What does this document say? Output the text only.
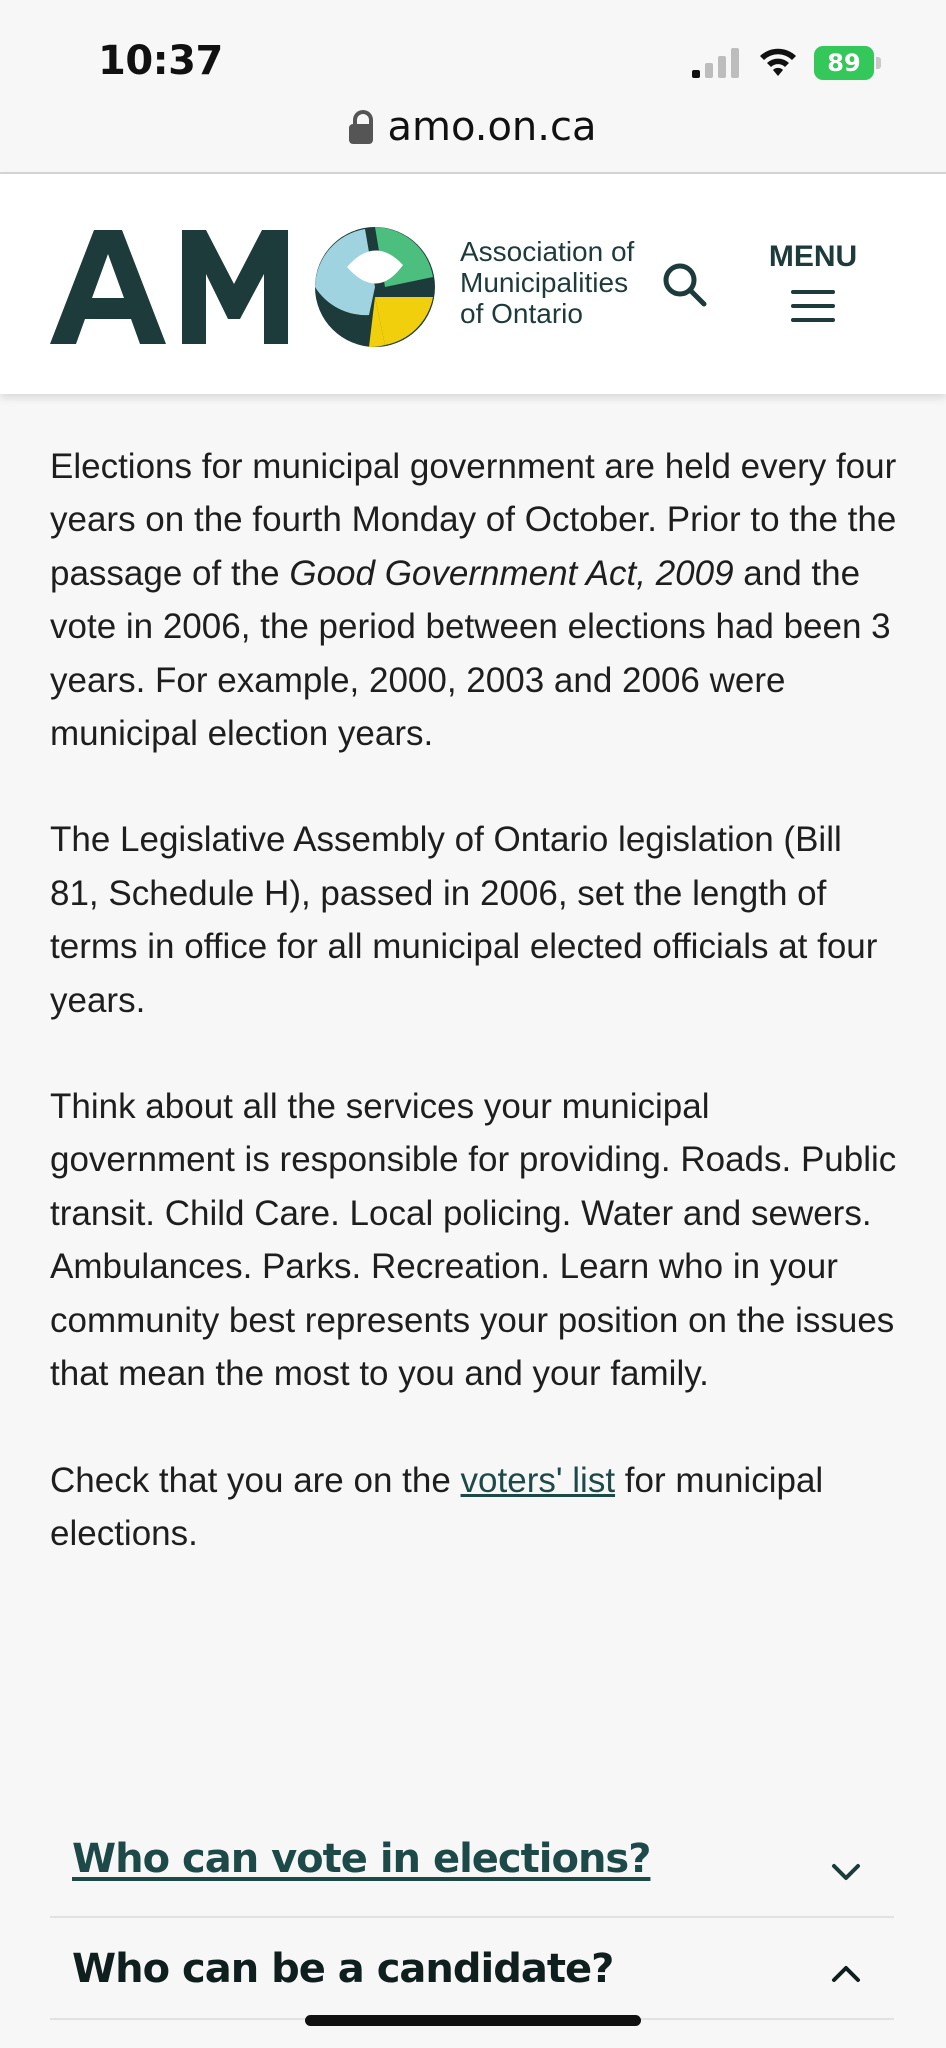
10:37	89
amo.on.ca
Association of
Municipalities
of Ontario
MENU

Elections for municipal government are held every four years on the fourth Monday of October. Prior to the the passage of the Good Government Act, 2009 and the vote in 2006, the period between elections had been 3 years. For example, 2000, 2003 and 2006 were municipal election years.

The Legislative Assembly of Ontario legislation (Bill 81, Schedule H), passed in 2006, set the length of terms in office for all municipal elected officials at four years.

Think about all the services your municipal government is responsible for providing. Roads. Public transit. Child Care. Local policing. Water and sewers. Ambulances. Parks. Recreation. Learn who in your community best represents your position on the issues that mean the most to you and your family.

Check that you are on the voters' list for municipal elections.

Who can vote in elections?
Who can be a candidate?
